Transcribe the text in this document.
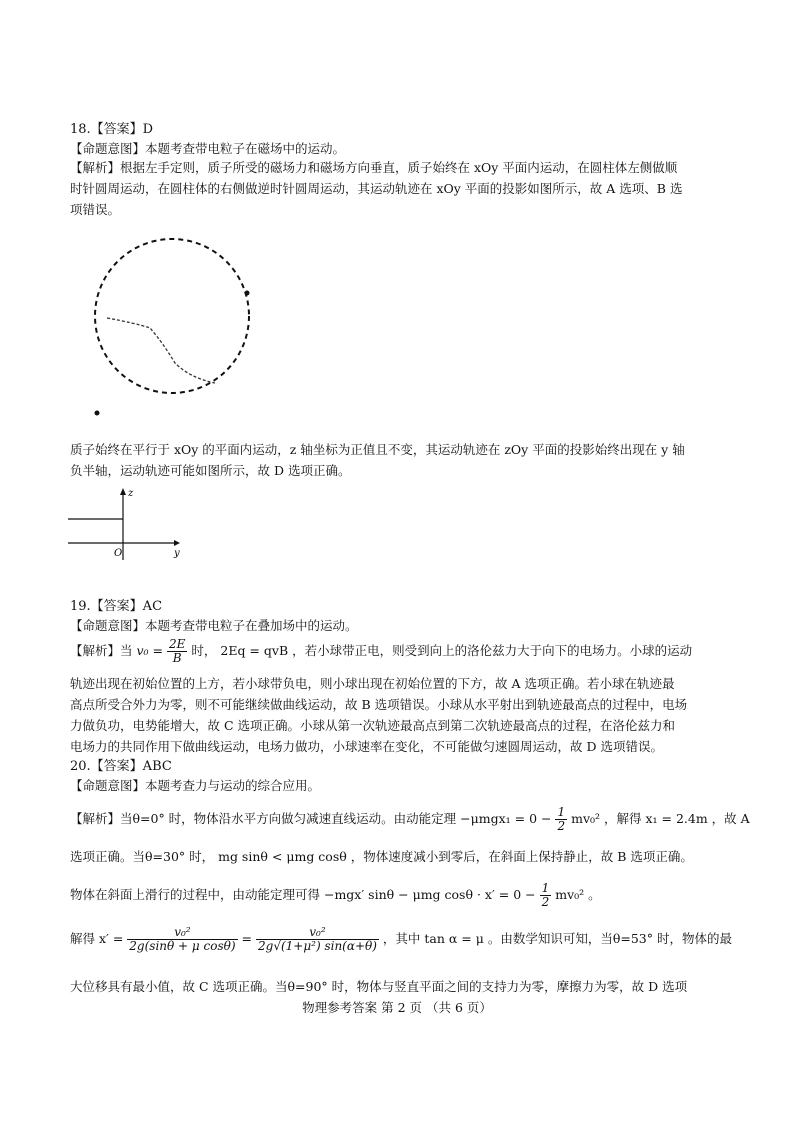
18.【答案】D
【命题意图】本题考查带电粒子在磁场中的运动。
【解析】根据左手定则，质子所受的磁场力和磁场方向垂直，质子始终在 xOy 平面内运动，在圆柱体左侧做顺
时针圆周运动，在圆柱体的右侧做逆时针圆周运动，其运动轨迹在 xOy 平面的投影如图所示，故 A 选项、B 选
项错误。
质子始终在平行于 xOy 的平面内运动，z 轴坐标为正值且不变，其运动轨迹在 zOy 平面的投影始终出现在 y 轴
负半轴，运动轨迹可能如图所示，故 D 选项正确。
z
y
O
19.【答案】AC
【命题意图】本题考查带电粒子在叠加场中的运动。
【解析】当 $v_0 = \frac{2E}{B}$ 时， 2Eq = qvB ，若小球带正电，则受到向上的洛伦兹力大于向下的电场力。小球的运动
轨迹出现在初始位置的上方，若小球带负电，则小球出现在初始位置的下方，故 A 选项正确。若小球在轨迹最
高点所受合外力为零，则不可能继续做曲线运动，故 B 选项错误。小球从水平射出到轨迹最高点的过程中，电场
力做负功，电势能增大，故 C 选项正确。小球从第一次轨迹最高点到第二次轨迹最高点的过程，在洛伦兹力和
电场力的共同作用下做曲线运动，电场力做功，小球速率在变化，不可能做匀速圆周运动，故 D 选项错误。
20.【答案】ABC
【命题意图】本题考查力与运动的综合应用。
【解析】当θ=0° 时，物体沿水平方向做匀减速直线运动。由动能定理 $-\mu mgx_1 = 0 - \frac{1}{2} mv_0^2$ ，解得 x₁ = 2.4m ，故 A
选项正确。当θ=30° 时， mg sinθ < μmg cosθ ，物体速度减小到零后，在斜面上保持静止，故 B 选项正确。
物体在斜面上滑行的过程中，由动能定理可得 −mgx′ sinθ − μmg $\cos\theta \cdot x' = 0 - \frac{1}{2} mv_0^2$ 。
解得 $x' = \frac{\text{v₀²}}{\text{2g(sinθ + μ cosθ)}} = \frac{\text{v₀²}}{\text{2g√(1+μ²) sin(α+θ)}}$ ，其中 tan α = μ 。由数学知识可知，当θ=53° 时，物体的最
大位移具有最小值，故 C 选项正确。当θ=90° 时，物体与竖直平面之间的支持力为零，摩擦力为零，故 D 选项
物理参考答案 第 2 页 （共 6 页）
